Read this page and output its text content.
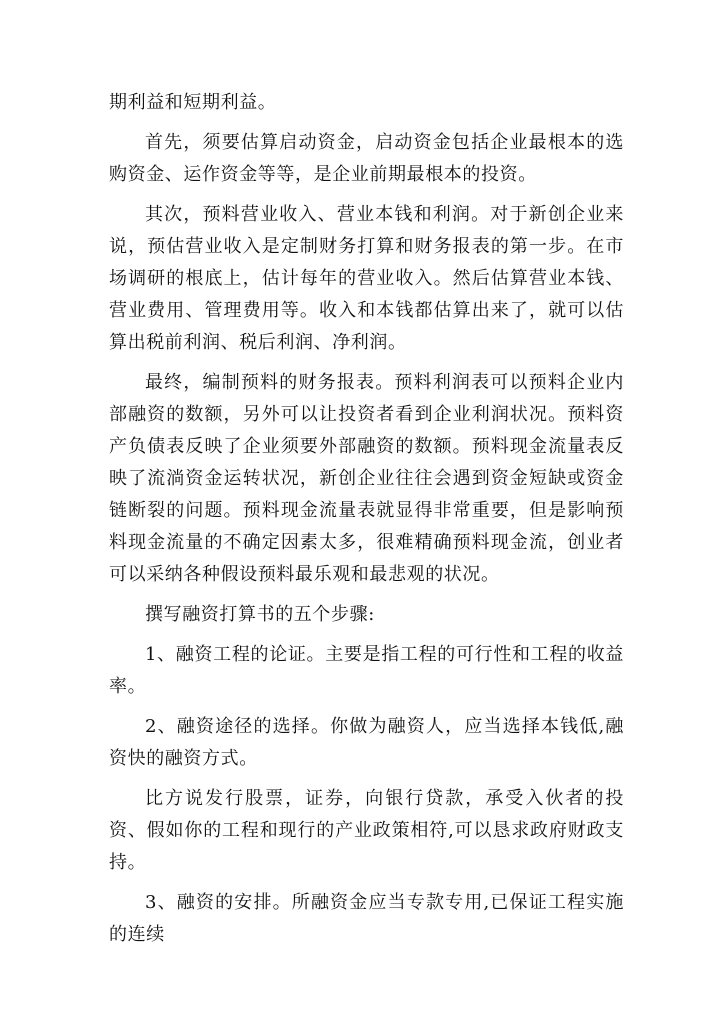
期利益和短期利益。

首先，须要估算启动资金，启动资金包括企业最根本的选购资金、运作资金等等，是企业前期最根本的投资。

其次，预料营业收入、营业本钱和利润。对于新创企业来说，预估营业收入是定制财务打算和财务报表的第一步。在市场调研的根底上，估计每年的营业收入。然后估算营业本钱、营业费用、管理费用等。收入和本钱都估算出来了，就可以估算出税前利润、税后利润、净利润。

最终，编制预料的财务报表。预料利润表可以预料企业内部融资的数额，另外可以让投资者看到企业利润状况。预料资产负债表反映了企业须要外部融资的数额。预料现金流量表反映了流淌资金运转状况，新创企业往往会遇到资金短缺或资金链断裂的问题。预料现金流量表就显得非常重要，但是影响预料现金流量的不确定因素太多，很难精确预料现金流，创业者可以采纳各种假设预料最乐观和最悲观的状况。

撰写融资打算书的五个步骤:

1、融资工程的论证。主要是指工程的可行性和工程的收益率。

2、融资途径的选择。你做为融资人，应当选择本钱低,融资快的融资方式。

比方说发行股票，证券，向银行贷款，承受入伙者的投资、假如你的工程和现行的产业政策相符,可以恳求政府财政支持。

3、融资的安排。所融资金应当专款专用,已保证工程实施的连续
